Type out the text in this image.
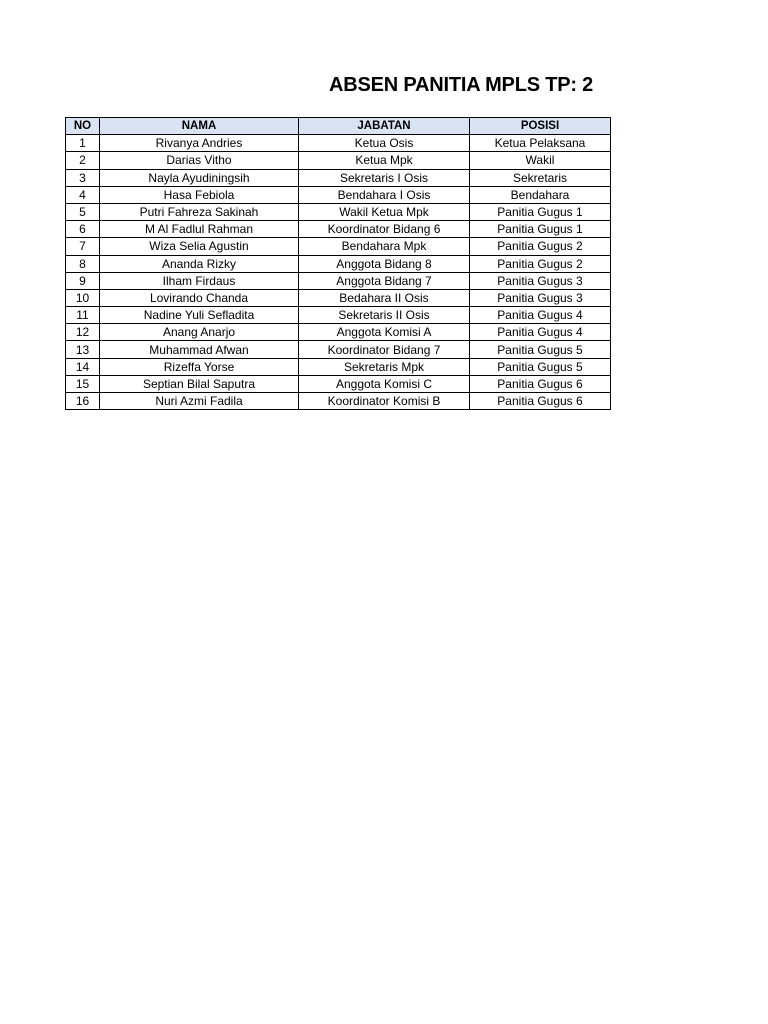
ABSEN PANITIA MPLS TP: 2
NO	NAMA	JABATAN	POSISI
1	Rivanya Andries	Ketua Osis	Ketua Pelaksana
2	Darias Vitho	Ketua Mpk	Wakil
3	Nayla Ayudiningsih	Sekretaris I Osis	Sekretaris
4	Hasa Febiola	Bendahara I Osis	Bendahara
5	Putri Fahreza Sakinah	Wakil Ketua Mpk	Panitia Gugus 1
6	M Al Fadlul Rahman	Koordinator Bidang 6	Panitia Gugus 1
7	Wiza Selia Agustin	Bendahara Mpk	Panitia Gugus 2
8	Ananda Rizky	Anggota Bidang 8	Panitia Gugus 2
9	Ilham Firdaus	Anggota Bidang 7	Panitia Gugus 3
10	Lovirando Chanda	Bedahara II Osis	Panitia Gugus 3
11	Nadine Yuli Sefladita	Sekretaris II Osis	Panitia Gugus 4
12	Anang Anarjo	Anggota Komisi A	Panitia Gugus 4
13	Muhammad Afwan	Koordinator Bidang 7	Panitia Gugus 5
14	Rizeffa Yorse	Sekretaris Mpk	Panitia Gugus 5
15	Septian Bilal Saputra	Anggota Komisi C	Panitia Gugus 6
16	Nuri Azmi Fadila	Koordinator Komisi B	Panitia Gugus 6
